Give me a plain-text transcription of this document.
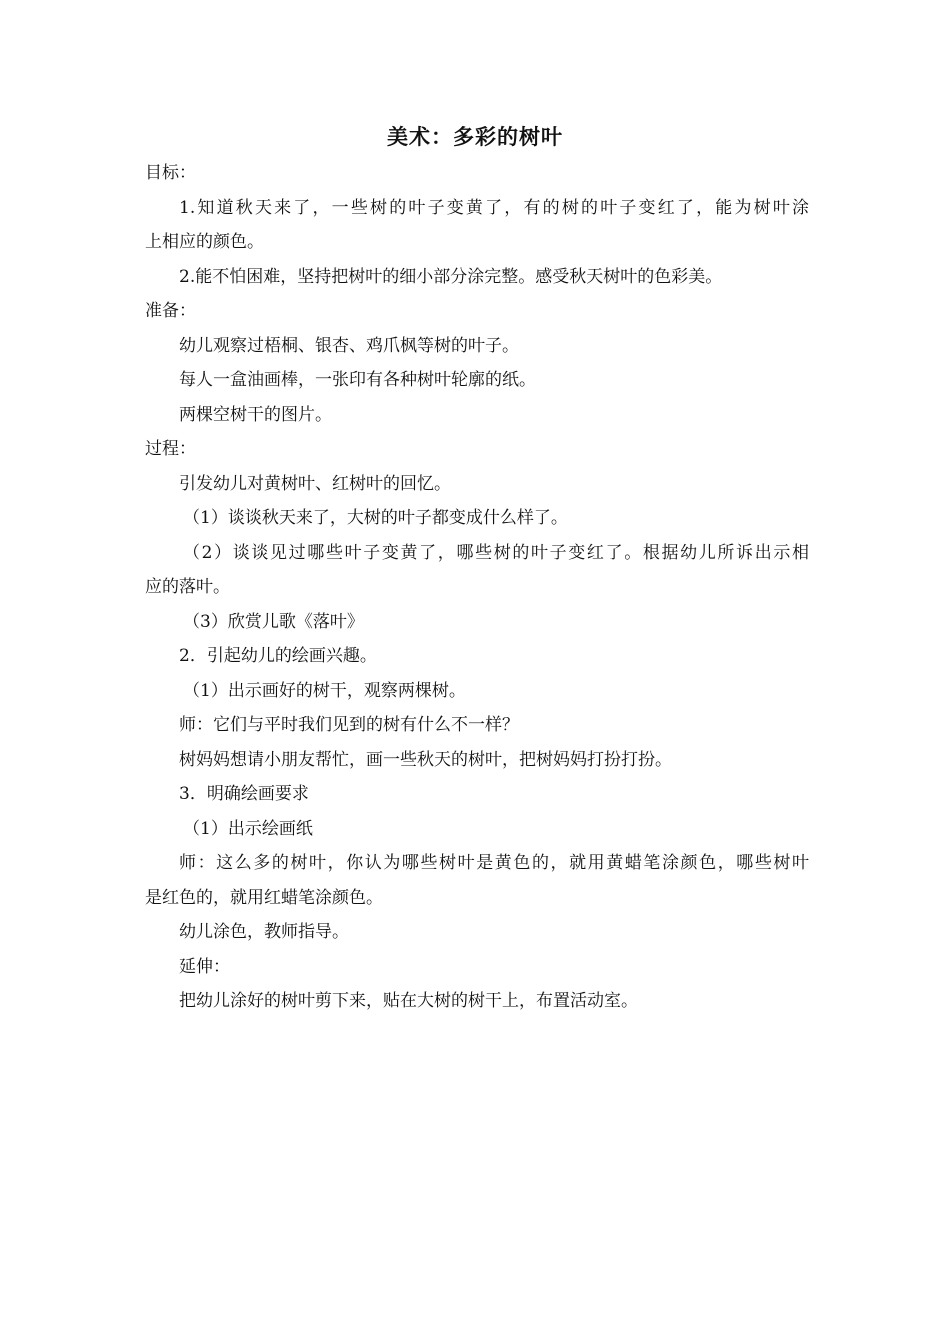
美术：多彩的树叶
目标：
1.知道秋天来了，一些树的叶子变黄了，有的树的叶子变红了，能为树叶涂
上相应的颜色。
2.能不怕困难，坚持把树叶的细小部分涂完整。感受秋天树叶的色彩美。
准备：
幼儿观察过梧桐、银杏、鸡爪枫等树的叶子。
每人一盒油画棒，一张印有各种树叶轮廓的纸。
两棵空树干的图片。
过程：
引发幼儿对黄树叶、红树叶的回忆。
（1）谈谈秋天来了，大树的叶子都变成什么样了。
（2）谈谈见过哪些叶子变黄了，哪些树的叶子变红了。根据幼儿所诉出示相
应的落叶。
（3）欣赏儿歌《落叶》
2．引起幼儿的绘画兴趣。
（1）出示画好的树干，观察两棵树。
师：它们与平时我们见到的树有什么不一样？
树妈妈想请小朋友帮忙，画一些秋天的树叶，把树妈妈打扮打扮。
3．明确绘画要求
（1）出示绘画纸
师：这么多的树叶，你认为哪些树叶是黄色的，就用黄蜡笔涂颜色，哪些树叶
是红色的，就用红蜡笔涂颜色。
幼儿涂色，教师指导。
延伸：
把幼儿涂好的树叶剪下来，贴在大树的树干上，布置活动室。
